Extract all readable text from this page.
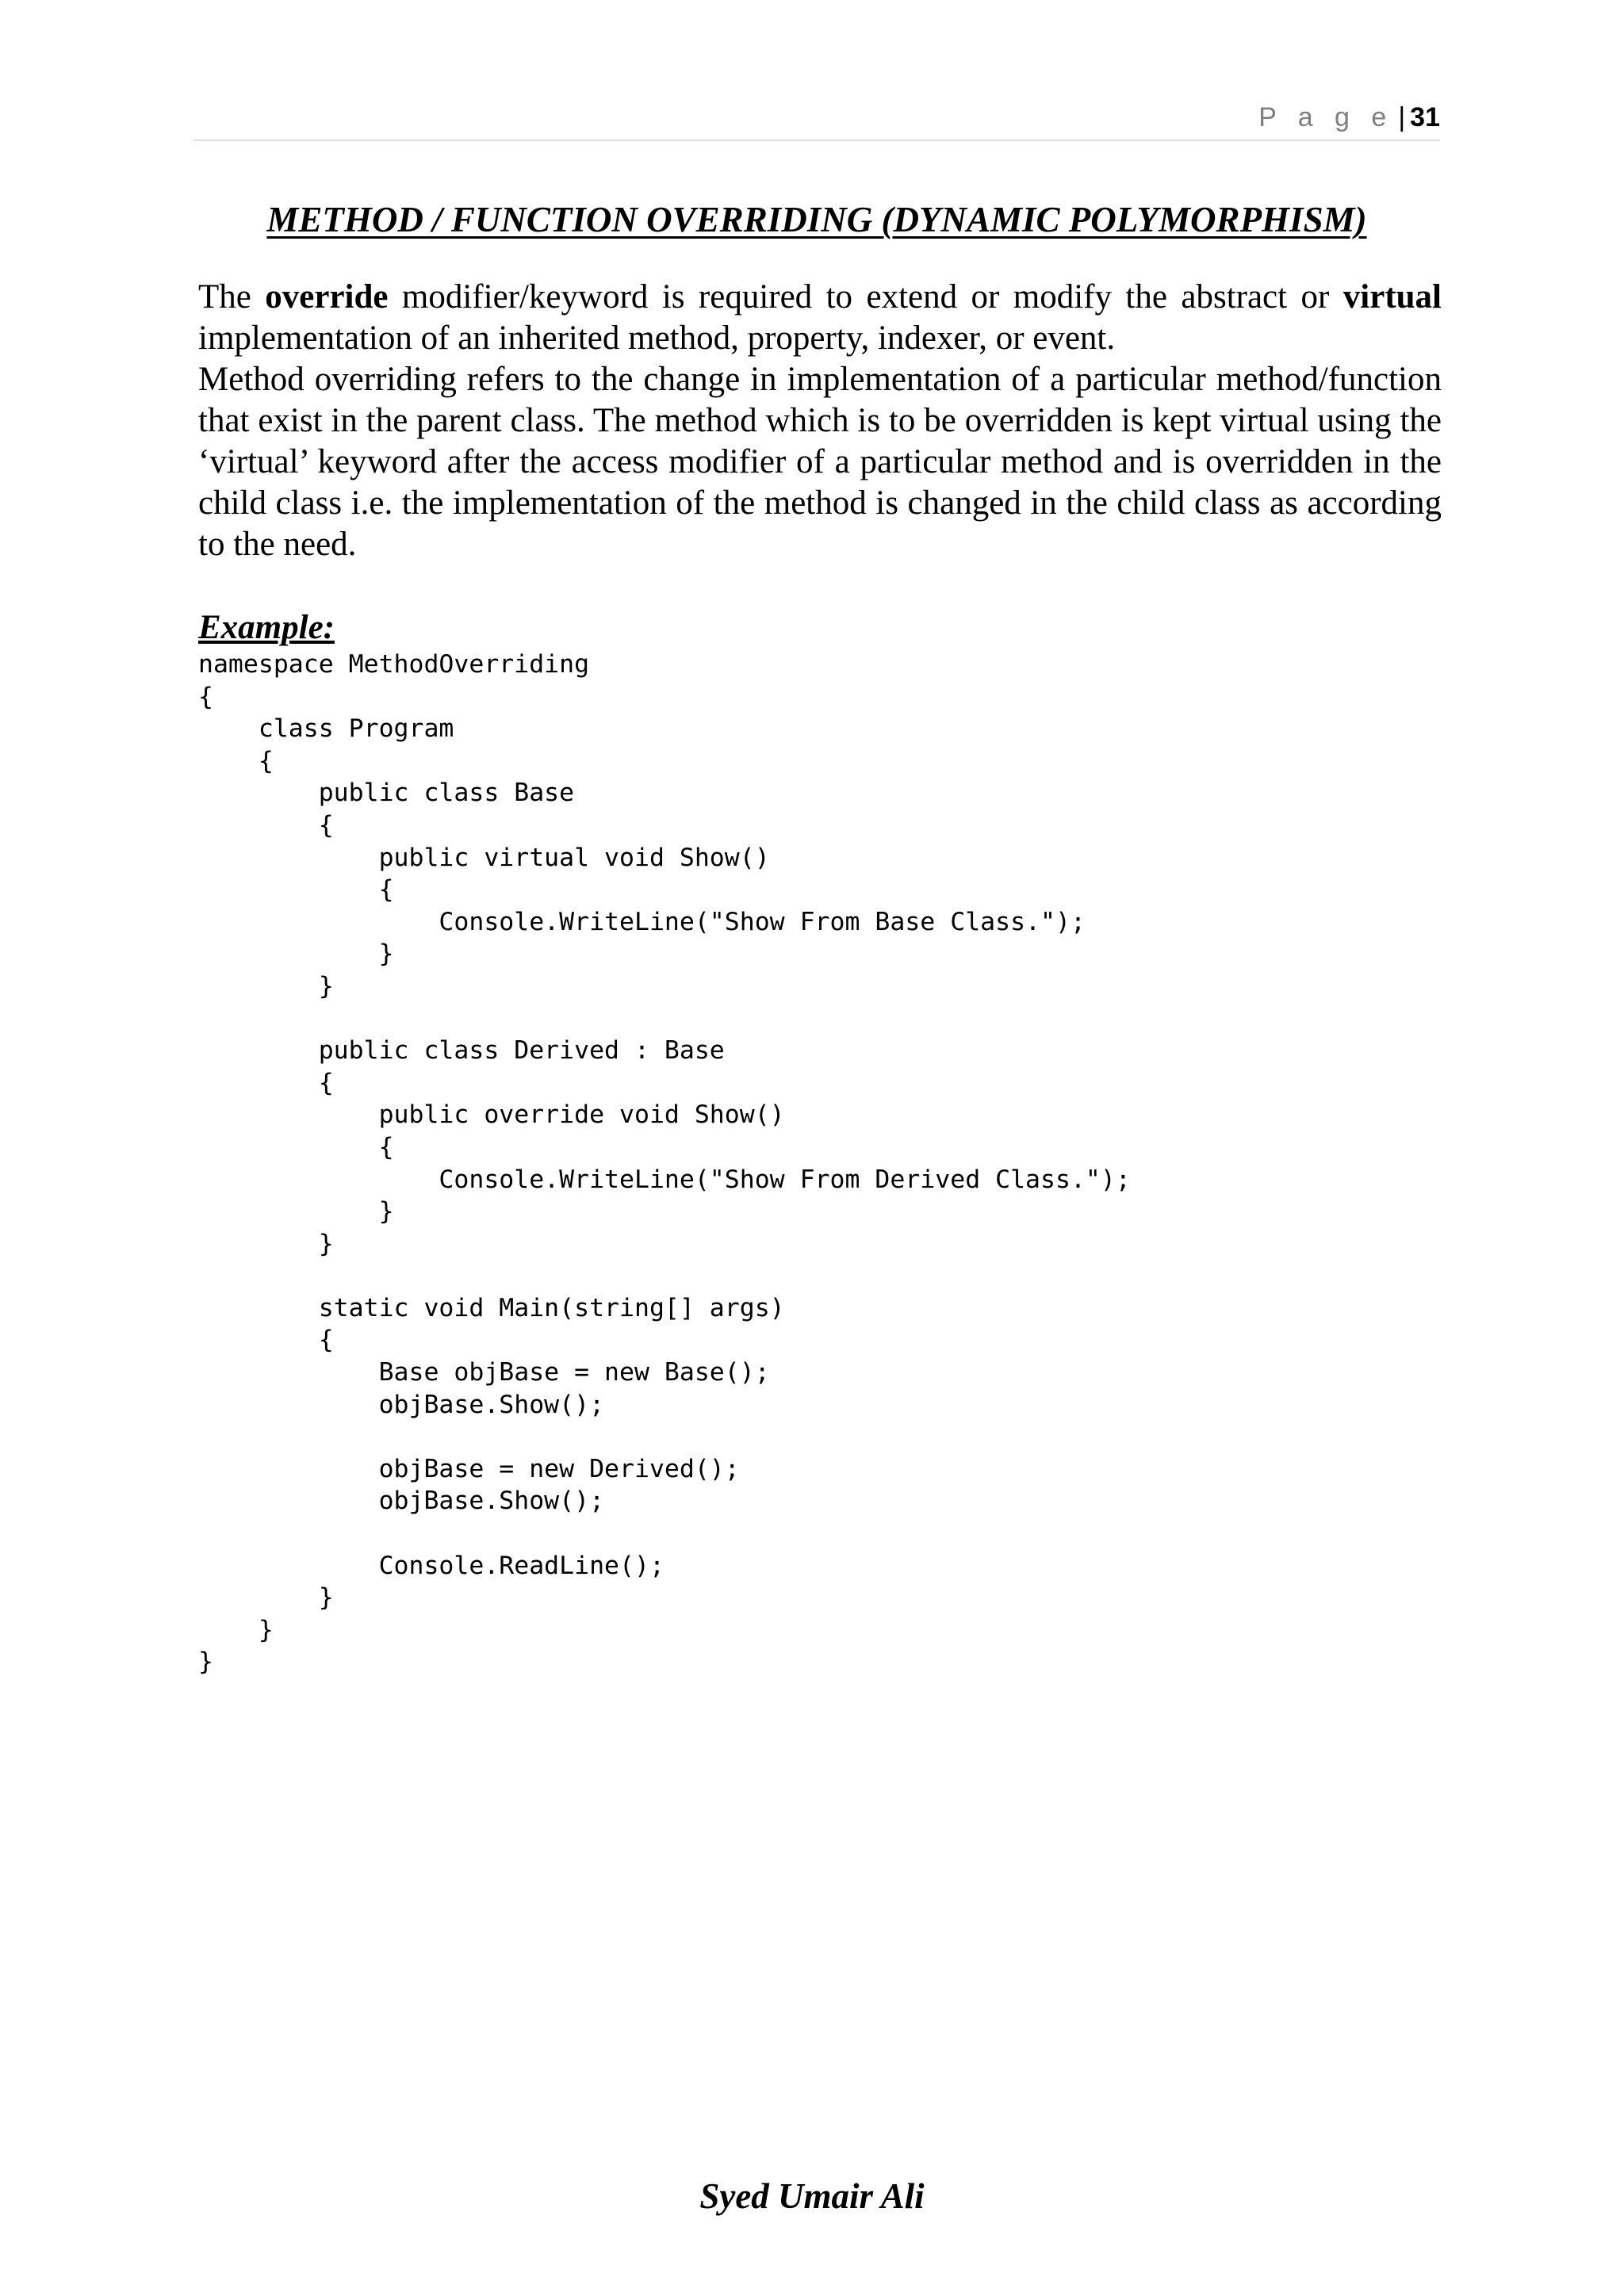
P a g e | 31
METHOD / FUNCTION OVERRIDING (DYNAMIC POLYMORPHISM)

The override modifier/keyword is required to extend or modify the abstract or virtual implementation of an inherited method, property, indexer, or event.

Method overriding refers to the change in implementation of a particular method/function that exist in the parent class. The method which is to be overridden is kept virtual using the ‘virtual’ keyword after the access modifier of a particular method and is overridden in the child class i.e. the implementation of the method is changed in the child class as according to the need.

Example:
namespace MethodOverriding
{
class Program
{
public class Base
{
public virtual void Show()
{
Console.WriteLine("Show From Base Class.");
}
}
public class Derived : Base
{
public override void Show()
{
Console.WriteLine("Show From Derived Class.");
}
}
static void Main(string[] args)
{
Base objBase = new Base();
objBase.Show();
objBase = new Derived();
objBase.Show();
Console.ReadLine();
}
}
}
Syed Umair Ali
